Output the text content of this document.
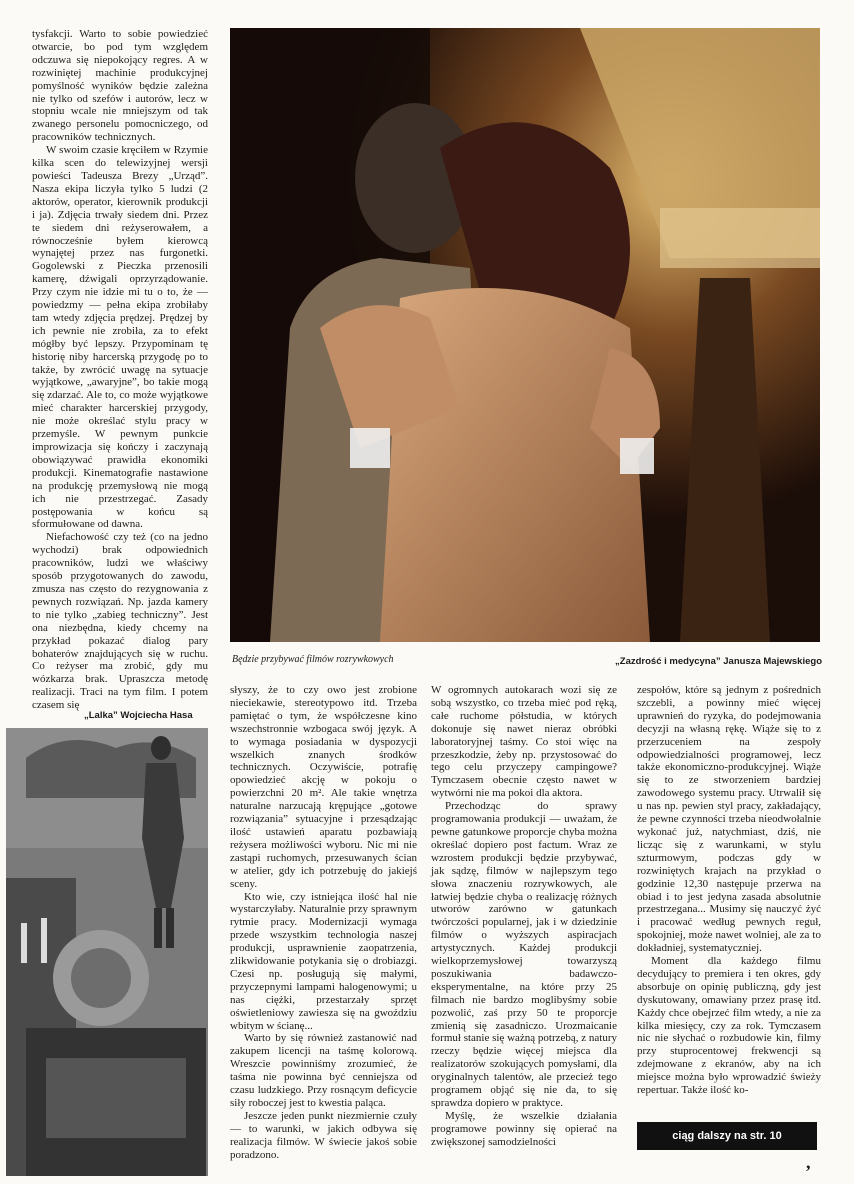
tysfakcji. Warto to sobie powiedzieć otwarcie, bo pod tym względem odczuwa się niepokojący regres. A w rozwiniętej machinie produkcyjnej pomyślność wyników będzie zależna nie tylko od szefów i autorów, lecz w stopniu wcale nie mniejszym od tak zwanego personelu pomocniczego, od pracowników technicznych.

W swoim czasie kręciłem w Rzymie kilka scen do telewizyjnej wersji powieści Tadeusza Brezy „Urząd”. Nasza ekipa liczyła tylko 5 ludzi (2 aktorów, operator, kierownik produkcji i ja). Zdjęcia trwały siedem dni. Przez te siedem dni reżyserowałem, a równocześnie byłem kierowcą wynajętej przez nas furgonetki. Gogolewski z Pieczka przenosili kamerę, dźwigali oprzyrządowanie. Przy czym nie idzie mi tu o to, że — powiedzmy — pełna ekipa zrobiłaby tam wtedy zdjęcia prędzej. Prędzej by ich pewnie nie zrobiła, za to efekt mógłby być lepszy. Przypominam tę historię niby harcerską przygodę po to także, by zwrócić uwagę na sytuacje wyjątkowe, „awaryjne”, bo takie mogą się zdarzać. Ale to, co może wyjątkowe mieć charakter harcerskiej przygody, nie może określać stylu pracy w przemyśle. W pewnym punkcie improwizacja się kończy i zaczynają obowiązywać prawidła ekonomiki produkcji. Kinematografie nastawione na produkcję przemysłową nie mogą ich nie przestrzegać. Zasady postępowania w końcu są sformułowane od dawna.

Niefachowość czy też (co na jedno wychodzi) brak odpowiednich pracowników, ludzi we właściwy sposób przygotowanych do zawodu, zmusza nas często do rezygnowania z pewnych rozwiązań. Np. jazda kamery to nie tylko „zabieg techniczny”. Jest ona niezbędna, kiedy chcemy na przykład pokazać dialog pary bohaterów znajdujących się w ruchu. Co reżyser ma zrobić, gdy mu wózkarza brak. Upraszcza metodę realizacji. Traci na tym film. I potem czasem się

Będzie przybywać filmów rozrywkowych	„Zazdrość i medycyna” Janusza Majewskiego
„Lalka” Wojciecha Hasa

słyszy, że to czy owo jest zrobione nieciekawie, stereotypowo itd. Trzeba pamiętać o tym, że współczesne kino wszechstronnie wzbogaca swój język. A to wymaga posiadania w dyspozycji wszelkich znanych środków technicznych. Oczywiście, potrafię opowiedzieć akcję w pokoju o powierzchni 20 m². Ale takie wnętrza naturalne narzucają krępujące „gotowe rozwiązania” sytuacyjne i przesądzając ilość ustawień aparatu pozbawiają reżysera możliwości wyboru. Nic mi nie zastąpi ruchomych, przesuwanych ścian w atelier, gdy ich potrzebuję do jakiejś sceny.

Kto wie, czy istniejąca ilość hal nie wystarczyłaby. Naturalnie przy sprawnym rytmie pracy. Modernizacji wymaga przede wszystkim technologia naszej produkcji, usprawnienie zaopatrzenia, zlikwidowanie potykania się o drobiazgi. Czesi np. posługują się małymi, przyczepnymi lampami halogenowymi; u nas ciężki, przestarzały sprzęt oświetleniowy zawiesza się na gwoździu wbitym w ścianę...

Warto by się również zastanowić nad zakupem licencji na taśmę kolorową. Wreszcie powinniśmy zrozumieć, że taśma nie powinna być cenniejsza od czasu ludzkiego. Przy rosnącym deficycie siły roboczej jest to kwestia paląca.

Jeszcze jeden punkt niezmiernie czuły — to warunki, w jakich odbywa się realizacja filmów. W świecie jakoś sobie poradzono.

W ogromnych autokarach wozi się ze sobą wszystko, co trzeba mieć pod ręką, całe ruchome półstudia, w których dokonuje się nawet nieraz obróbki laboratoryjnej taśmy. Co stoi więc na przeszkodzie, żeby np. przystosować do tego celu przyczepy campingowe? Tymczasem obecnie często nawet w wytwórni nie ma pokoi dla aktora.

Przechodząc do sprawy programowania produkcji — uważam, że pewne gatunkowe proporcje chyba można określać dopiero post factum. Wraz ze wzrostem produkcji będzie przybywać, jak sądzę, filmów w najlepszym tego słowa znaczeniu rozrywkowych, ale łatwiej będzie chyba o realizację różnych utworów zarówno w gatunkach twórczości popularnej, jak i w dziedzinie filmów o wyższych aspiracjach artystycznych. Każdej produkcji wielkoprzemysłowej towarzyszą poszukiwania badawczo-eksperymentalne, na które przy 25 filmach nie bardzo moglibyśmy sobie pozwolić, zaś przy 50 te proporcje zmienią się zasadniczo. Urozmaicanie formuł stanie się ważną potrzebą, z natury rzeczy będzie więcej miejsca dla realizatorów szokujących pomysłami, dla oryginalnych talentów, ale przecież tego programem objąć się nie da, to się sprawdza dopiero w praktyce.

Myślę, że wszelkie działania programowe powinny się opierać na zwiększonej samodzielności

zespołów, które są jednym z pośrednich szczebli, a powinny mieć więcej uprawnień do ryzyka, do podejmowania decyzji na własną rękę. Wiąże się to z przerzuceniem na zespoły odpowiedzialności programowej, lecz także ekonomiczno-produkcyjnej. Wiąże się to ze stworzeniem bardziej zawodowego systemu pracy. Utrwalił się u nas np. pewien styl pracy, zakładający, że pewne czynności trzeba nieodwołalnie wykonać już, natychmiast, dziś, nie licząc się z warunkami, w stylu szturmowym, podczas gdy w rozwiniętych krajach na przykład o godzinie 12,30 następuje przerwa na obiad i to jest jedyna zasada absolutnie przestrzegana... Musimy się nauczyć żyć i pracować według pewnych reguł, spokojniej, może nawet wolniej, ale za to dokładniej, systematyczniej.

Moment dla każdego filmu decydujący to premiera i ten okres, gdy absorbuje on opinię publiczną, gdy jest dyskutowany, omawiany przez prasę itd. Każdy chce obejrzeć film wtedy, a nie za kilka miesięcy, czy za rok. Tymczasem nic nie słychać o rozbudowie kin, filmy przy stuprocentowej frekwencji są zdejmowane z ekranów, aby na ich miejsce można było wprowadzić świeży repertuar. Także ilość ko-

ciąg dalszy na str. 10
,
